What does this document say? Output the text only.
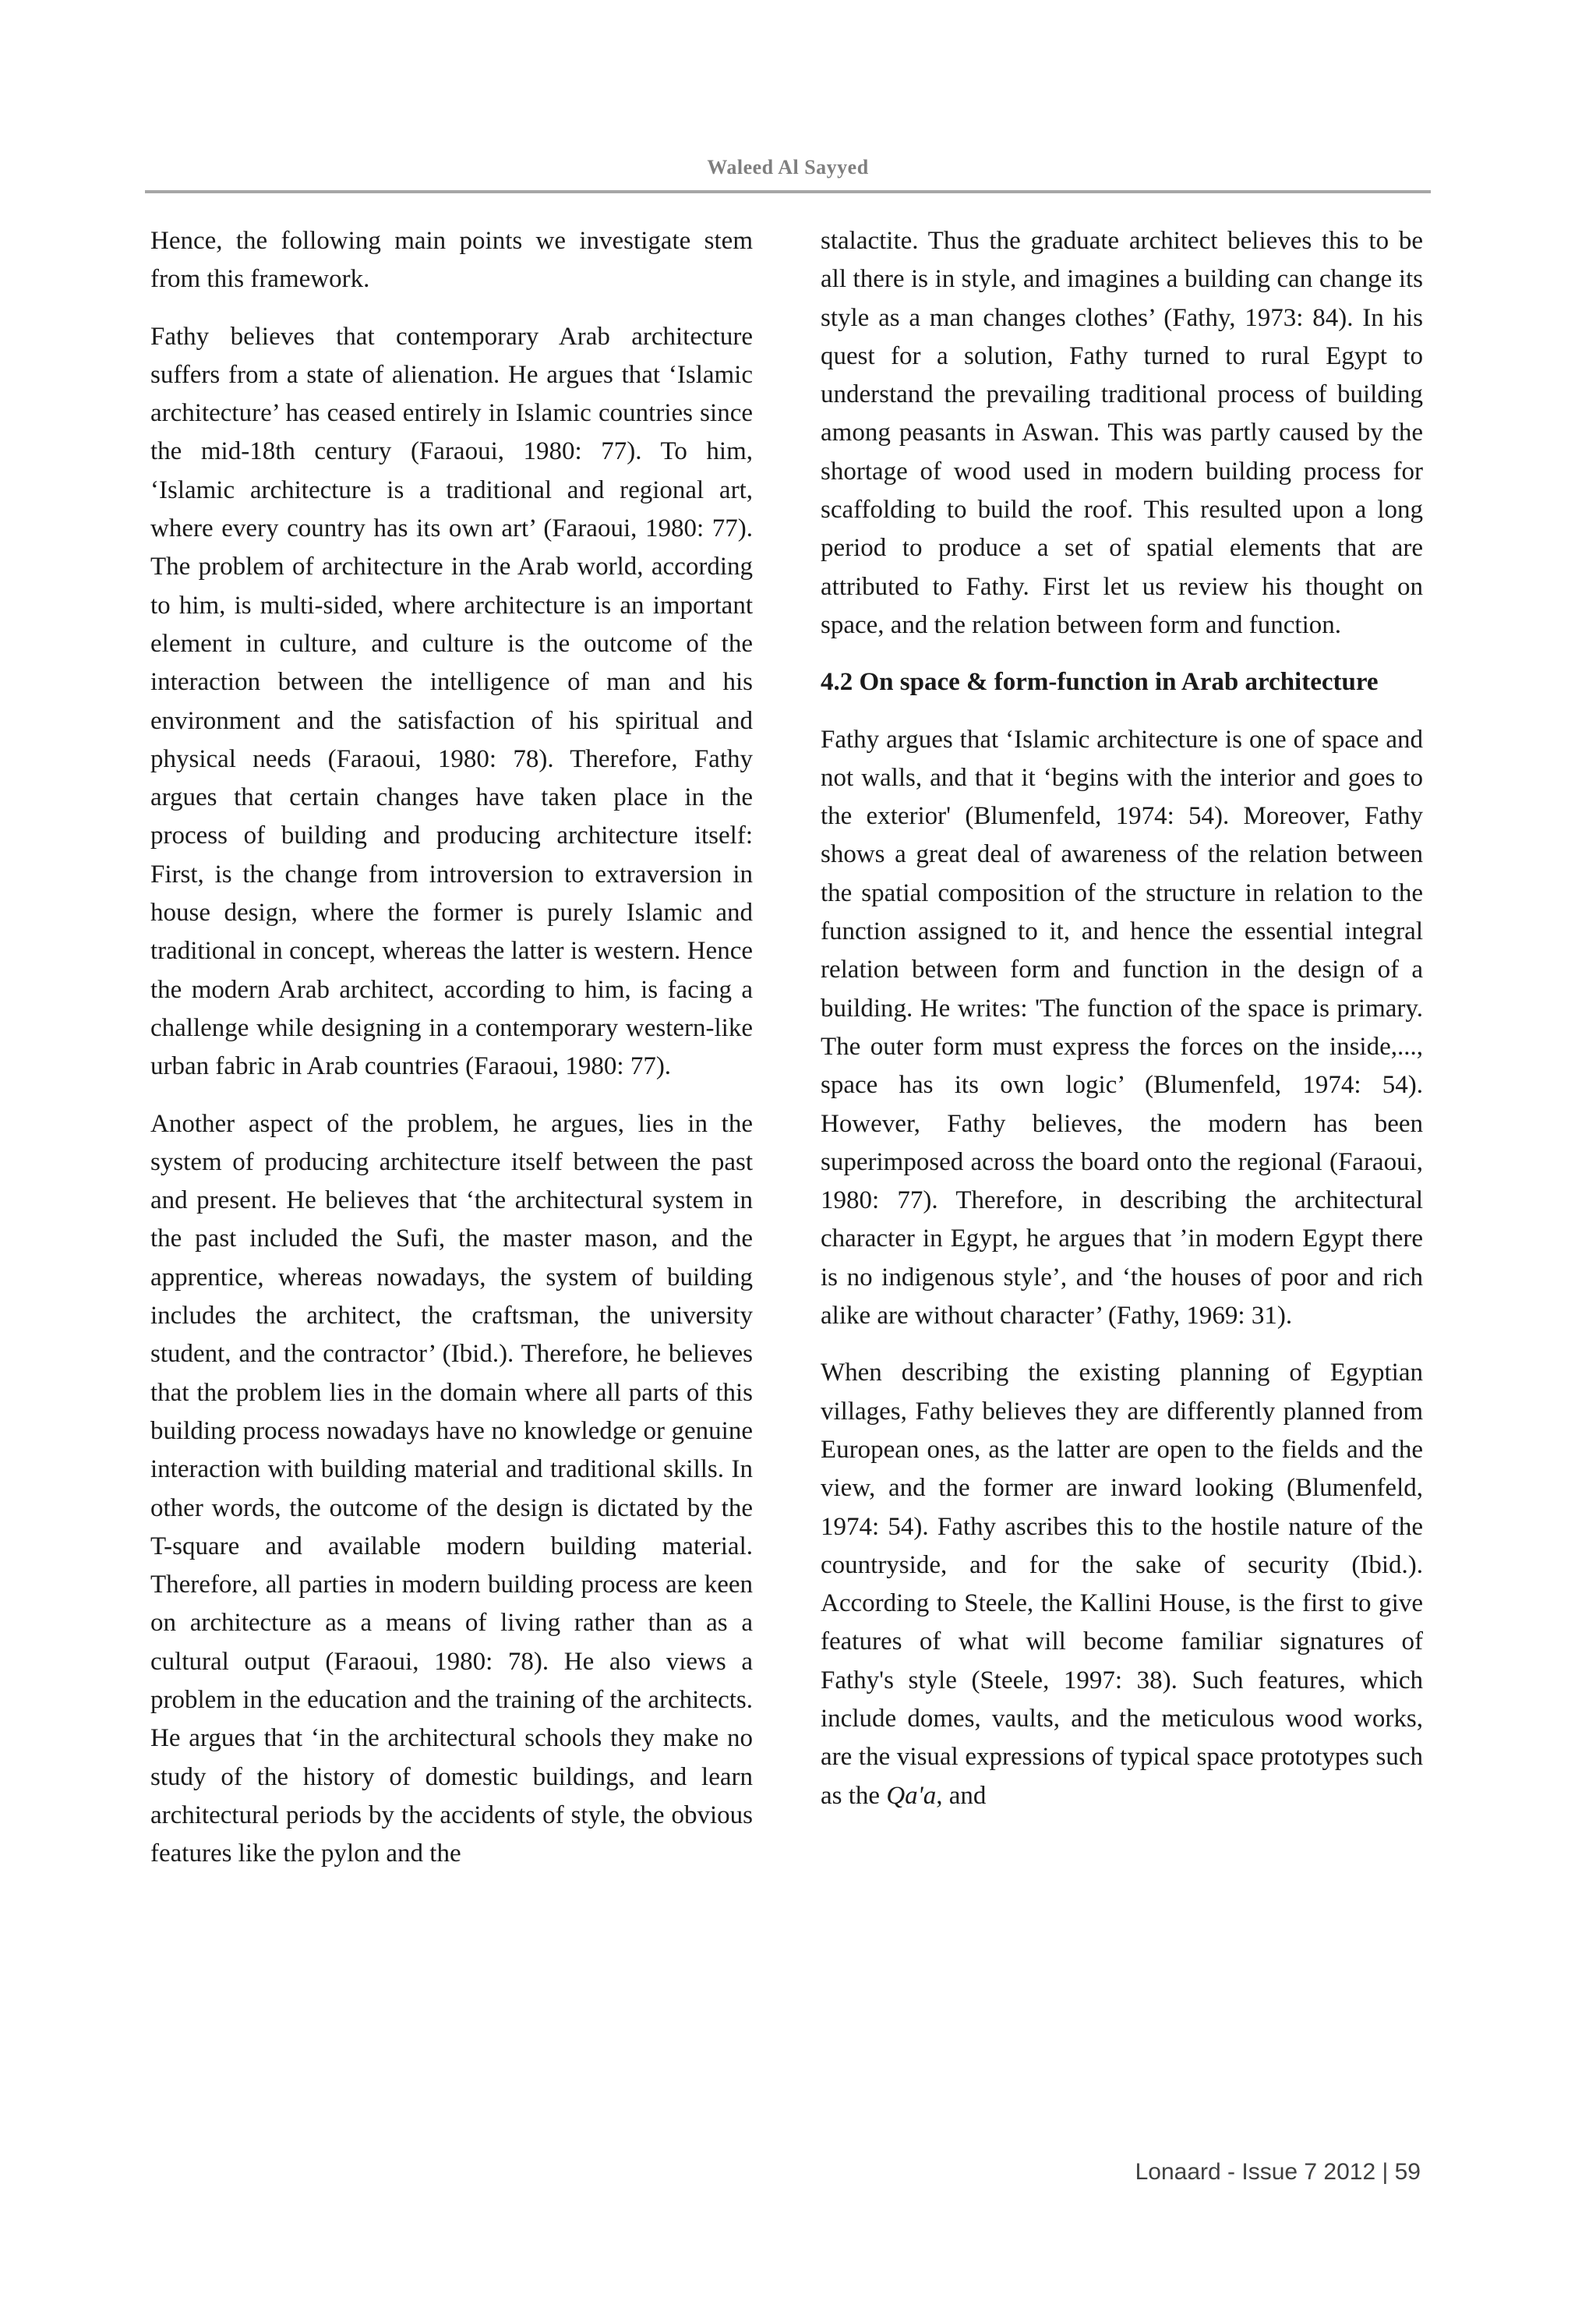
Waleed Al Sayyed

Hence, the following main points we investigate stem from this framework.

Fathy believes that contemporary Arab architecture suffers from a state of alienation. He argues that ‘Islamic architecture’ has ceased entirely in Islamic countries since the mid-18th century (Faraoui, 1980: 77). To him, ‘Islamic architecture is a traditional and regional art, where every country has its own art’ (Faraoui, 1980: 77). The problem of architecture in the Arab world, according to him, is multi-sided, where architecture is an important element in culture, and culture is the outcome of the interaction between the intelligence of man and his environment and the satisfaction of his spiritual and physical needs (Faraoui, 1980: 78). Therefore, Fathy argues that certain changes have taken place in the process of building and producing architecture itself: First, is the change from introversion to extraversion in house design, where the former is purely Islamic and traditional in concept, whereas the latter is western. Hence the modern Arab architect, according to him, is facing a challenge while designing in a contemporary western-like urban fabric in Arab countries (Faraoui, 1980: 77).

Another aspect of the problem, he argues, lies in the system of producing architecture itself between the past and present. He believes that ‘the architectural system in the past included the Sufi, the master mason, and the apprentice, whereas nowadays, the system of building includes the architect, the craftsman, the university student, and the contractor’ (Ibid.). Therefore, he believes that the problem lies in the domain where all parts of this building process nowadays have no knowledge or genuine interaction with building material and traditional skills. In other words, the outcome of the design is dictated by the T-square and available modern building material. Therefore, all parties in modern building process are keen on architecture as a means of living rather than as a cultural output (Faraoui, 1980: 78). He also views a problem in the education and the training of the architects. He argues that ‘in the architectural schools they make no study of the history of domestic buildings, and learn architectural periods by the accidents of style, the obvious features like the pylon and the

stalactite. Thus the graduate architect believes this to be all there is in style, and imagines a building can change its style as a man changes clothes’ (Fathy, 1973: 84). In his quest for a solution, Fathy turned to rural Egypt to understand the prevailing traditional process of building among peasants in Aswan. This was partly caused by the shortage of wood used in modern building process for scaffolding to build the roof. This resulted upon a long period to produce a set of spatial elements that are attributed to Fathy. First let us review his thought on space, and the relation between form and function.

4.2 On space & form-function in Arab architecture

Fathy argues that ‘Islamic architecture is one of space and not walls, and that it ‘begins with the interior and goes to the exterior' (Blumenfeld, 1974: 54). Moreover, Fathy shows a great deal of awareness of the relation between the spatial composition of the structure in relation to the function assigned to it, and hence the essential integral relation between form and function in the design of a building. He writes: 'The function of the space is primary. The outer form must express the forces on the inside,..., space has its own logic’ (Blumenfeld, 1974: 54). However, Fathy believes, the modern has been superimposed across the board onto the regional (Faraoui, 1980: 77). Therefore, in describing the architectural character in Egypt, he argues that ’in modern Egypt there is no indigenous style’, and ‘the houses of poor and rich alike are without character’ (Fathy, 1969: 31).

When describing the existing planning of Egyptian villages, Fathy believes they are differently planned from European ones, as the latter are open to the fields and the view, and the former are inward looking (Blumenfeld, 1974: 54). Fathy ascribes this to the hostile nature of the countryside, and for the sake of security (Ibid.). According to Steele, the Kallini House, is the first to give features of what will become familiar signatures of Fathy's style (Steele, 1997: 38). Such features, which include domes, vaults, and the meticulous wood works, are the visual expressions of typical space prototypes such as the Qa'a, and

Lonaard - Issue 7 2012 | 59
